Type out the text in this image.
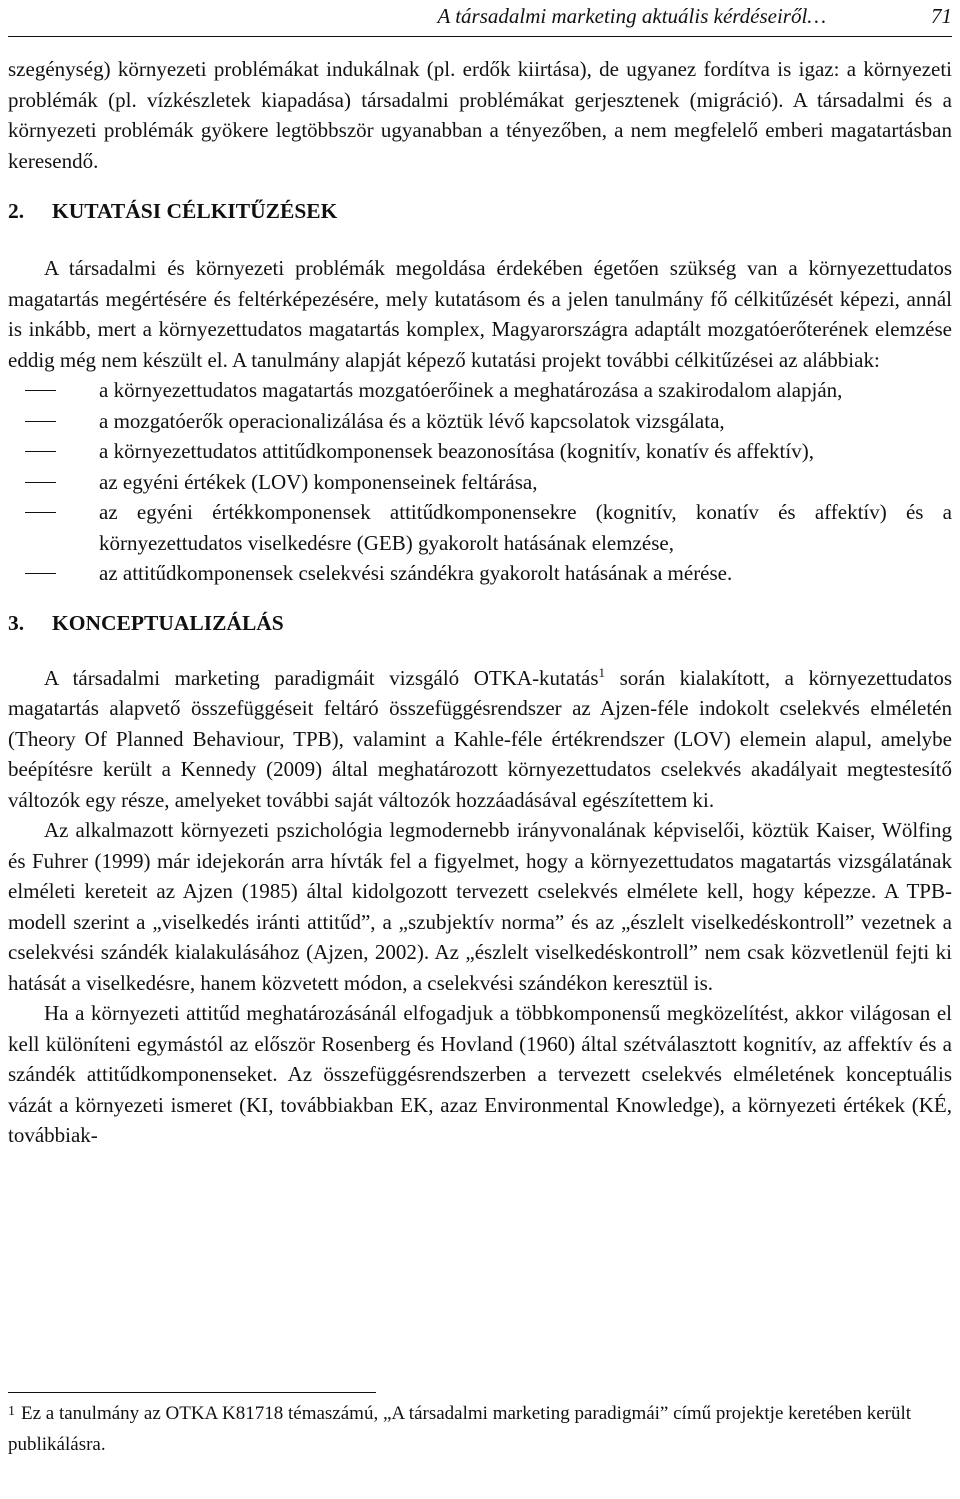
A társadalmi marketing aktuális kérdéseiről…	71

szegénység) környezeti problémákat indukálnak (pl. erdők kiirtása), de ugyanez fordítva is igaz: a környezeti problémák (pl. vízkészletek kiapadása) társadalmi problémákat gerjesztenek (migráció). A társadalmi és a környezeti problémák gyökere legtöbbször ugyanabban a tényezőben, a nem megfelelő emberi magatartásban keresendő.

2. KUTATÁSI CÉLKITŰZÉSEK

A társadalmi és környezeti problémák megoldása érdekében égetően szükség van a környezettudatos magatartás megértésére és feltérképezésére, mely kutatásom és a jelen tanulmány fő célkitűzését képezi, annál is inkább, mert a környezettudatos magatartás komplex, Magyarországra adaptált mozgatóerőterének elemzése eddig még nem készült el. A tanulmány alapját képező kutatási projekt további célkitűzései az alábbiak:

a környezettudatos magatartás mozgatóerőinek a meghatározása a szakirodalom alapján,
a mozgatóerők operacionalizálása és a köztük lévő kapcsolatok vizsgálata,
a környezettudatos attitűdkomponensek beazonosítása (kognitív, konatív és affektív),
az egyéni értékek (LOV) komponenseinek feltárása,
az egyéni értékkomponensek attitűdkomponensekre (kognitív, konatív és affektív) és a környezettudatos viselkedésre (GEB) gyakorolt hatásának elemzése,
az attitűdkomponensek cselekvési szándékra gyakorolt hatásának a mérése.
3. KONCEPTUALIZÁLÁS

A társadalmi marketing paradigmáit vizsgáló OTKA-kutatás$^1$ során kialakított, a környezettudatos magatartás alapvető összefüggéseit feltáró összefüggésrendszer az Ajzen-féle indokolt cselekvés elméletén (Theory Of Planned Behaviour, TPB), valamint a Kahle-féle értékrendszer (LOV) elemein alapul, amelybe beépítésre került a Kennedy (2009) által meghatározott környezettudatos cselekvés akadályait megtestesítő változók egy része, amelyeket további saját változók hozzáadásával egészítettem ki.

Az alkalmazott környezeti pszichológia legmodernebb irányvonalának képviselői, köztük Kaiser, Wölfing és Fuhrer (1999) már idejekorán arra hívták fel a figyelmet, hogy a környezettudatos magatartás vizsgálatának elméleti kereteit az Ajzen (1985) által kidolgozott tervezett cselekvés elmélete kell, hogy képezze. A TPB-modell szerint a „viselkedés iránti attitűd”, a „szubjektív norma” és az „észlelt viselkedéskontroll” vezetnek a cselekvési szándék kialakulásához (Ajzen, 2002). Az „észlelt viselkedéskontroll” nem csak közvetlenül fejti ki hatását a viselkedésre, hanem közvetett módon, a cselekvési szándékon keresztül is.

Ha a környezeti attitűd meghatározásánál elfogadjuk a többkomponensű megközelítést, akkor világosan el kell különíteni egymástól az először Rosenberg és Hovland (1960) által szétválasztott kognitív, az affektív és a szándék attitűdkomponenseket. Az összefüggésrendszerben a tervezett cselekvés elméletének konceptuális vázát a környezeti ismeret (KI, továbbiakban EK, azaz Environmental Knowledge), a környezeti értékek (KÉ, továbbiak-

$^1$ Ez a tanulmány az OTKA K81718 témaszámú, „A társadalmi marketing paradigmái” című projektje keretében került publikálásra.
